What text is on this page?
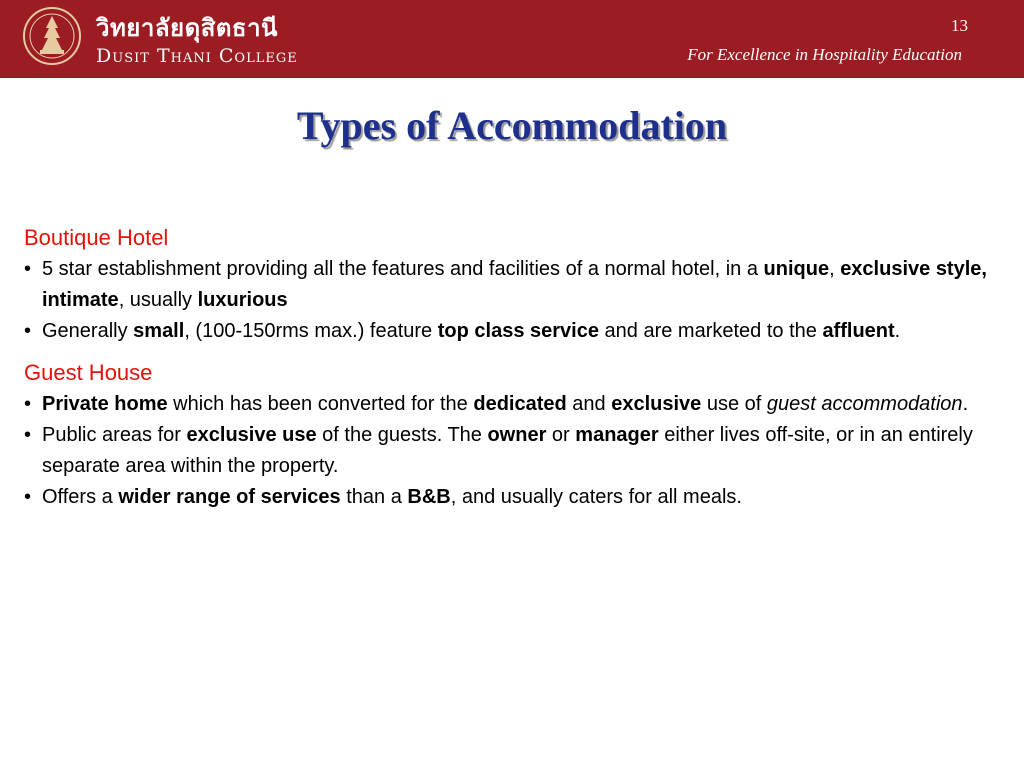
วิทยาลัยดุสิตธานี
Dusit Thani College
13
For Excellence in Hospitality Education
Types of Accommodation
Boutique Hotel
• 5 star establishment providing all the features and facilities of a normal hotel, in a unique, exclusive style, intimate, usually luxurious
• Generally small, (100-150rms max.) feature top class service and are marketed to the affluent.
Guest House
• Private home which has been converted for the dedicated and exclusive use of guest accommodation.
• Public areas for exclusive use of the guests. The owner or manager either lives off-site, or in an entirely separate area within the property.
• Offers a wider range of services than a B&B, and usually caters for all meals.
